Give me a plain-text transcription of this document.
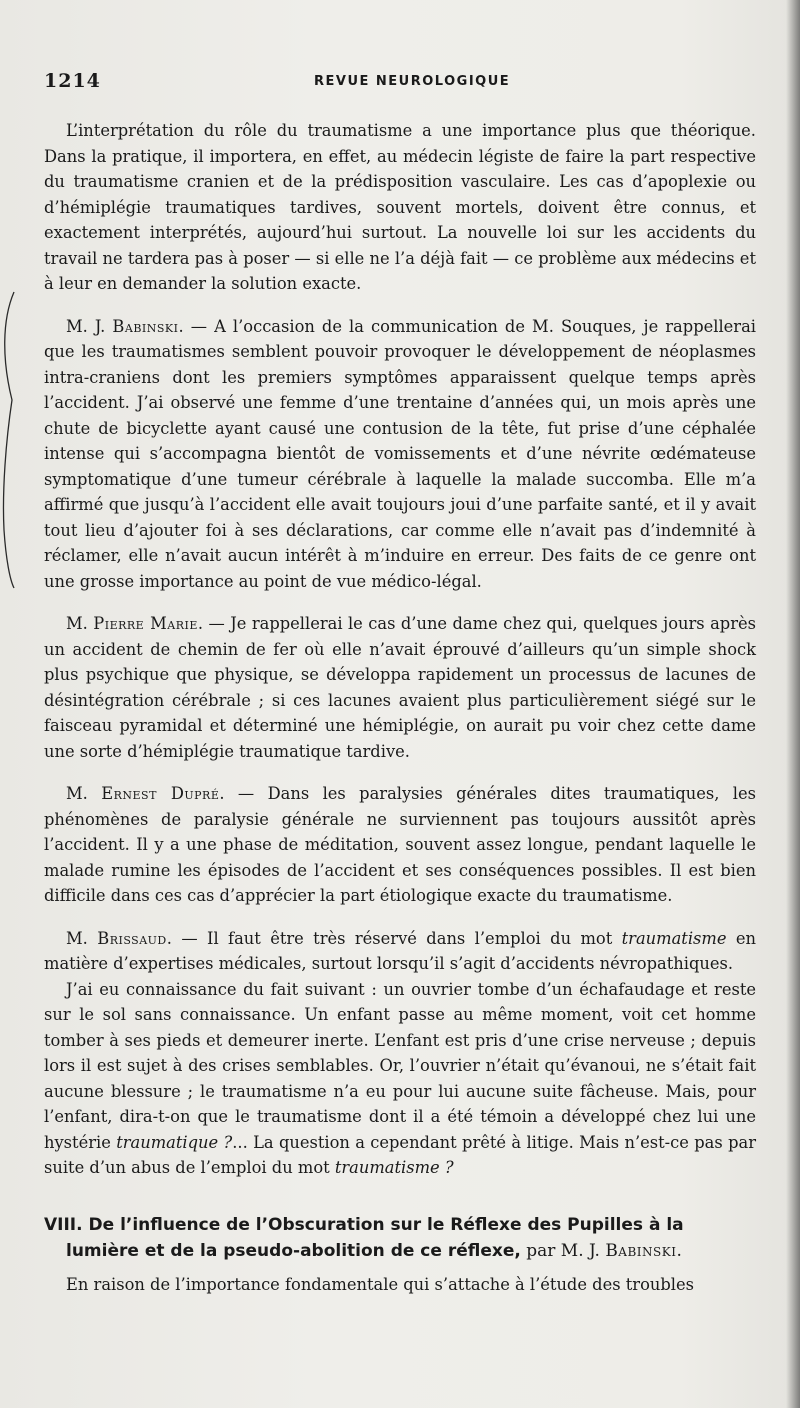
1214	REVUE NEUROLOGIQUE

L’interprétation du rôle du traumatisme a une importance plus que théorique. Dans la pratique, il importera, en effet, au médecin légiste de faire la part respective du traumatisme cranien et de la prédisposition vasculaire. Les cas d’apoplexie ou d’hémiplégie traumatiques tardives, souvent mortels, doivent être connus, et exactement interprétés, aujourd’hui surtout. La nouvelle loi sur les accidents du travail ne tardera pas à poser — si elle ne l’a déjà fait — ce problème aux médecins et à leur en demander la solution exacte.

M. J. Babinski. — A l’occasion de la communication de M. Souques, je rappellerai que les traumatismes semblent pouvoir provoquer le développement de néoplasmes intra-craniens dont les premiers symptômes apparaissent quelque temps après l’accident. J’ai observé une femme d’une trentaine d’années qui, un mois après une chute de bicyclette ayant causé une contusion de la tête, fut prise d’une céphalée intense qui s’accompagna bientôt de vomissements et d’une névrite œdémateuse symptomatique d’une tumeur cérébrale à laquelle la malade succomba. Elle m’a affirmé que jusqu’à l’accident elle avait toujours joui d’une parfaite santé, et il y avait tout lieu d’ajouter foi à ses déclarations, car comme elle n’avait pas d’indemnité à réclamer, elle n’avait aucun intérêt à m’induire en erreur. Des faits de ce genre ont une grosse importance au point de vue médico-légal.

M. Pierre Marie. — Je rappellerai le cas d’une dame chez qui, quelques jours après un accident de chemin de fer où elle n’avait éprouvé d’ailleurs qu’un simple shock plus psychique que physique, se développa rapidement un processus de lacunes de désintégration cérébrale ; si ces lacunes avaient plus particulièrement siégé sur le faisceau pyramidal et déterminé une hémiplégie, on aurait pu voir chez cette dame une sorte d’hémiplégie traumatique tardive.

M. Ernest Dupré. — Dans les paralysies générales dites traumatiques, les phénomènes de paralysie générale ne surviennent pas toujours aussitôt après l’accident. Il y a une phase de méditation, souvent assez longue, pendant laquelle le malade rumine les épisodes de l’accident et ses conséquences possibles. Il est bien difficile dans ces cas d’apprécier la part étiologique exacte du traumatisme.

M. Brissaud. — Il faut être très réservé dans l’emploi du mot traumatisme en matière d’expertises médicales, surtout lorsqu’il s’agit d’accidents névropathiques.

J’ai eu connaissance du fait suivant : un ouvrier tombe d’un échafaudage et reste sur le sol sans connaissance. Un enfant passe au même moment, voit cet homme tomber à ses pieds et demeurer inerte. L’enfant est pris d’une crise nerveuse ; depuis lors il est sujet à des crises semblables. Or, l’ouvrier n’était qu’évanoui, ne s’était fait aucune blessure ; le traumatisme n’a eu pour lui aucune suite fâcheuse. Mais, pour l’enfant, dira-t-on que le traumatisme dont il a été témoin a développé chez lui une hystérie traumatique ?... La question a cependant prêté à litige. Mais n’est-ce pas par suite d’un abus de l’emploi du mot traumatisme ?

VIII. De l’influence de l’Obscuration sur le Réflexe des Pupilles à la lumière et de la pseudo-abolition de ce réflexe, par M. J. Babinski.

En raison de l’importance fondamentale qui s’attache à l’étude des troubles
